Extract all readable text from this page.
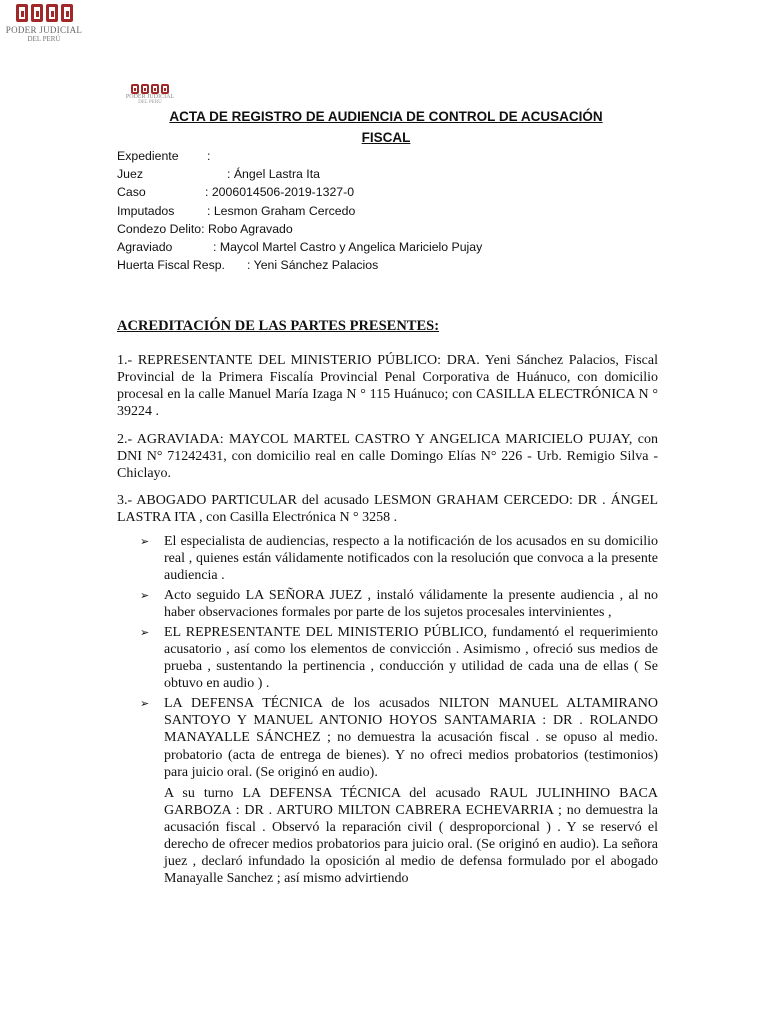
PODER JUDICIAL
DEL PERÚ
PODER JUDICIAL
DEL PERÚ
ACTA DE REGISTRO DE AUDIENCIA DE CONTROL DE ACUSACIÓN
FISCAL
Expediente :
Juez	: Ángel Lastra Ita
Caso	: 2006014506-2019-1327-0
Imputados	: Lesmon Graham Cercedo
Condezo Delito: Robo Agravado
Agraviado	: Maycol Martel Castro y Angelica Maricielo Pujay
Huerta Fiscal Resp. : Yeni Sánchez Palacios
ACREDITACIÓN DE LAS PARTES PRESENTES:
1.- REPRESENTANTE DEL MINISTERIO PÚBLICO: DRA. Yeni Sánchez Palacios, Fiscal Provincial de la Primera Fiscalía Provincial Penal Corporativa de Huánuco, con domicilio procesal en la calle Manuel María Izaga N ° 115 Huánuco; con CASILLA ELECTRÓNICA N ° 39224 .
2.- AGRAVIADA: MAYCOL MARTEL CASTRO Y ANGELICA MARICIELO PUJAY, con DNI N° 71242431, con domicilio real en calle Domingo Elías N° 226 - Urb. Remigio Silva - Chiclayo.
3.- ABOGADO PARTICULAR del acusado LESMON GRAHAM CERCEDO: DR . ÁNGEL LASTRA ITA , con Casilla Electrónica N ° 3258 .
➢	El especialista de audiencias, respecto a la notificación de los acusados en su domicilio real , quienes están válidamente notificados con la resolución que convoca a la presente audiencia .
➢	Acto seguido LA SEÑORA JUEZ , instaló válidamente la presente audiencia , al no haber observaciones formales por parte de los sujetos procesales intervinientes ,
➢	EL REPRESENTANTE DEL MINISTERIO PÚBLICO, fundamentó el requerimiento acusatorio , así como los elementos de convicción . Asimismo , ofreció sus medios de prueba , sustentando la pertinencia , conducción y utilidad de cada una de ellas ( Se obtuvo en audio ) .
➢	LA DEFENSA TÉCNICA de los acusados NILTON MANUEL ALTAMIRANO SANTOYO Y MANUEL ANTONIO HOYOS SANTAMARIA : DR . ROLANDO MANAYALLE SÁNCHEZ ; no demuestra la acusación fiscal . se opuso al medio. probatorio (acta de entrega de bienes). Y no ofreci medios probatorios (testimonios) para juicio oral. (Se originó en audio).
A su turno LA DEFENSA TÉCNICA del acusado RAUL JULINHINO BACA GARBOZA : DR . ARTURO MILTON CABRERA ECHEVARRIA ; no demuestra la acusación fiscal . Observó la reparación civil ( desproporcional ) . Y se reservó el derecho de ofrecer medios probatorios para juicio oral. (Se originó en audio). La señora juez , declaró infundado la oposición al medio de defensa formulado por el abogado Manayalle Sanchez ; así mismo advirtiendo
